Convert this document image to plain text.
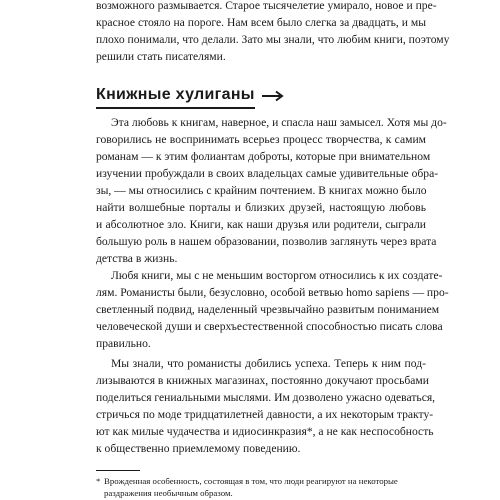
возможного размывается. Старое тысячелетие умирало, новое и пре-
красное стояло на пороге. Нам всем было слегка за двадцать, и мы
плохо понимали, что делали. Зато мы знали, что любим книги, поэтому
решили стать писателями.
Книжные хулиганы
Эта любовь к книгам, наверное, и спасла наш замысел. Хотя мы до-
говорились не воспринимать всерьез процесс творчества, к самим
романам — к этим фолиантам доброты, которые при внимательном
изучении пробуждали в своих владельцах самые удивительные обра-
зы, — мы относились с крайним почтением. В книгах можно было
найти волшебные порталы и близких друзей, настоящую любовь
и абсолютное зло. Книги, как наши друзья или родители, сыграли
большую роль в нашем образовании, позволив заглянуть через врата
детства в жизнь.
Любя книги, мы с не меньшим восторгом относились к их создате-
лям. Романисты были, безусловно, особой ветвью homo sapiens — про-
светленный подвид, наделенный чрезвычайно развитым пониманием
человеческой души и сверхъестественной способностью писать слова
правильно.
Мы знали, что романисты добились успеха. Теперь к ним под-
лизываются в книжных магазинах, постоянно докучают просьбами
поделиться гениальными мыслями. Им дозволено ужасно одеваться,
стричься по моде тридцатилетней давности, а их некоторым тракту-
ют как милые чудачества и идиосинкразия*, а не как неспособность
к общественно приемлемому поведению.
* Врожденная особенность, состоящая в том, что люди реагируют на некоторые
раздражения необычным образом.
